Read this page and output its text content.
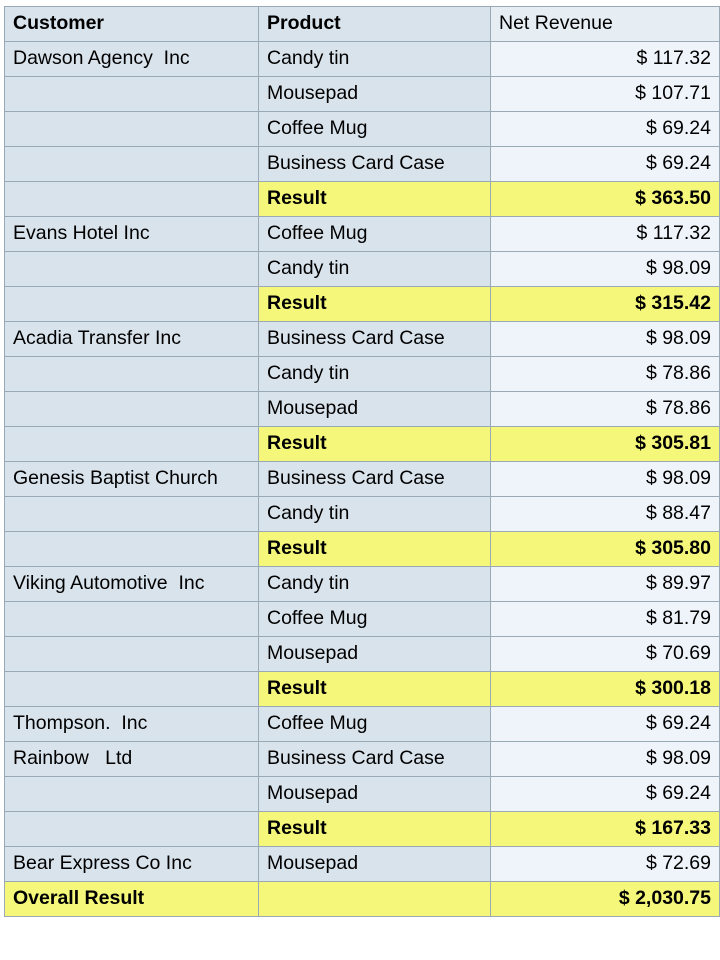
Customer	Product	Net Revenue
Dawson Agency  Inc	Candy tin	$ 117.32
	Mousepad	$ 107.71
	Coffee Mug	$ 69.24
	Business Card Case	$ 69.24
	Result	$ 363.50
Evans Hotel Inc	Coffee Mug	$ 117.32
	Candy tin	$ 98.09
	Result	$ 315.42
Acadia Transfer Inc	Business Card Case	$ 98.09
	Candy tin	$ 78.86
	Mousepad	$ 78.86
	Result	$ 305.81
Genesis Baptist Church	Business Card Case	$ 98.09
	Candy tin	$ 88.47
	Result	$ 305.80
Viking Automotive  Inc	Candy tin	$ 89.97
	Coffee Mug	$ 81.79
	Mousepad	$ 70.69
	Result	$ 300.18
Thompson.  Inc	Coffee Mug	$ 69.24
Rainbow   Ltd	Business Card Case	$ 98.09
	Mousepad	$ 69.24
	Result	$ 167.33
Bear Express Co Inc	Mousepad	$ 72.69
Overall Result		$ 2,030.75
